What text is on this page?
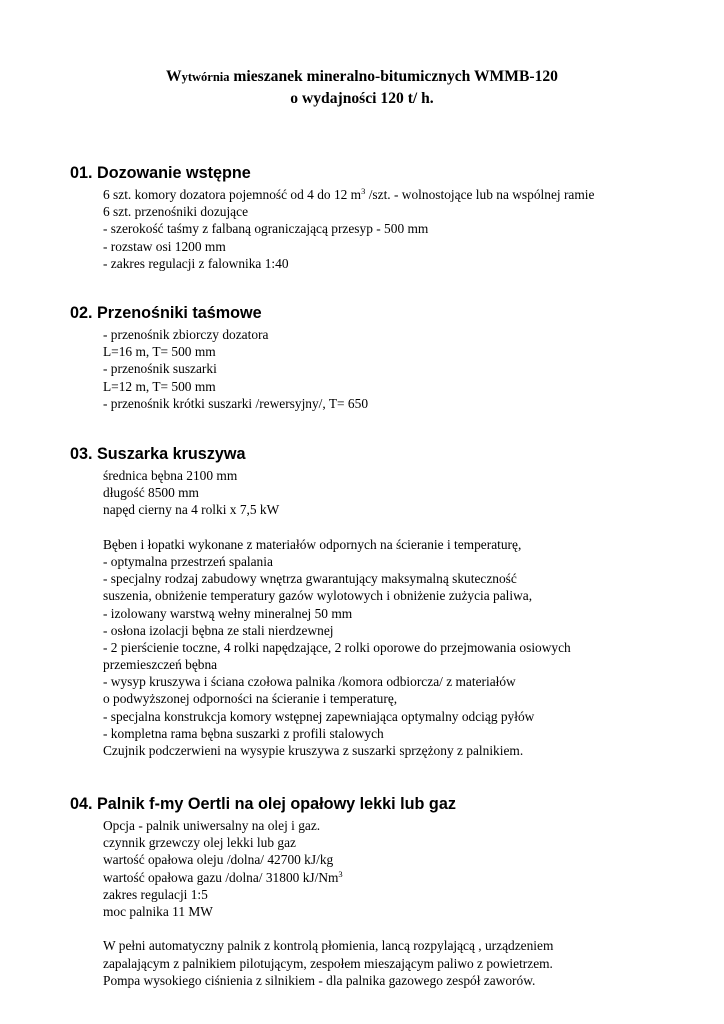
Wytwórnia mieszanek mineralno-bitumicznych WMMB-120
o wydajności 120 t/ h.
01. Dozowanie wstępne
6 szt. komory dozatora pojemność od 4 do 12 $m^3$ /szt. - wolnostojące lub na wspólnej ramie
6 szt. przenośniki dozujące
- szerokość taśmy z falbaną ograniczającą przesyp - 500 mm
- rozstaw osi 1200 mm
- zakres regulacji z falownika 1:40
02. Przenośniki taśmowe
- przenośnik zbiorczy dozatora
L=16 m, T= 500 mm
- przenośnik suszarki
L=12 m, T= 500 mm
- przenośnik krótki suszarki /rewersyjny/, T= 650
03. Suszarka kruszywa
średnica bębna 2100 mm
długość 8500 mm
napęd cierny na 4 rolki x 7,5 kW
Bęben i łopatki wykonane z materiałów odpornych na ścieranie i temperaturę,
- optymalna przestrzeń spalania
- specjalny rodzaj zabudowy wnętrza gwarantujący maksymalną skuteczność
suszenia, obniżenie temperatury gazów wylotowych i obniżenie zużycia paliwa,
- izolowany warstwą wełny mineralnej 50 mm
- osłona izolacji bębna ze stali nierdzewnej
- 2 pierścienie toczne, 4 rolki napędzające, 2 rolki oporowe do przejmowania osiowych
przemieszczeń bębna
- wysyp kruszywa i ściana czołowa palnika /komora odbiorcza/ z materiałów
o podwyższonej odporności na ścieranie i temperaturę,
- specjalna konstrukcja komory wstępnej zapewniająca optymalny odciąg pyłów
- kompletna rama bębna suszarki z profili stalowych
Czujnik podczerwieni na wysypie kruszywa z suszarki sprzężony z palnikiem.
04. Palnik f-my Oertli na olej opałowy lekki lub gaz
Opcja - palnik uniwersalny na olej i gaz.
czynnik grzewczy olej lekki lub gaz
wartość opałowa oleju /dolna/ 42700 kJ/kg
wartość opałowa gazu /dolna/ 31800 kJ/Nm$^3$
zakres regulacji 1:5
moc palnika 11 MW
W pełni automatyczny palnik z kontrolą płomienia, lancą rozpylającą , urządzeniem
zapalającym z palnikiem pilotującym, zespołem mieszającym paliwo z powietrzem.
Pompa wysokiego ciśnienia z silnikiem - dla palnika gazowego zespół zaworów.
